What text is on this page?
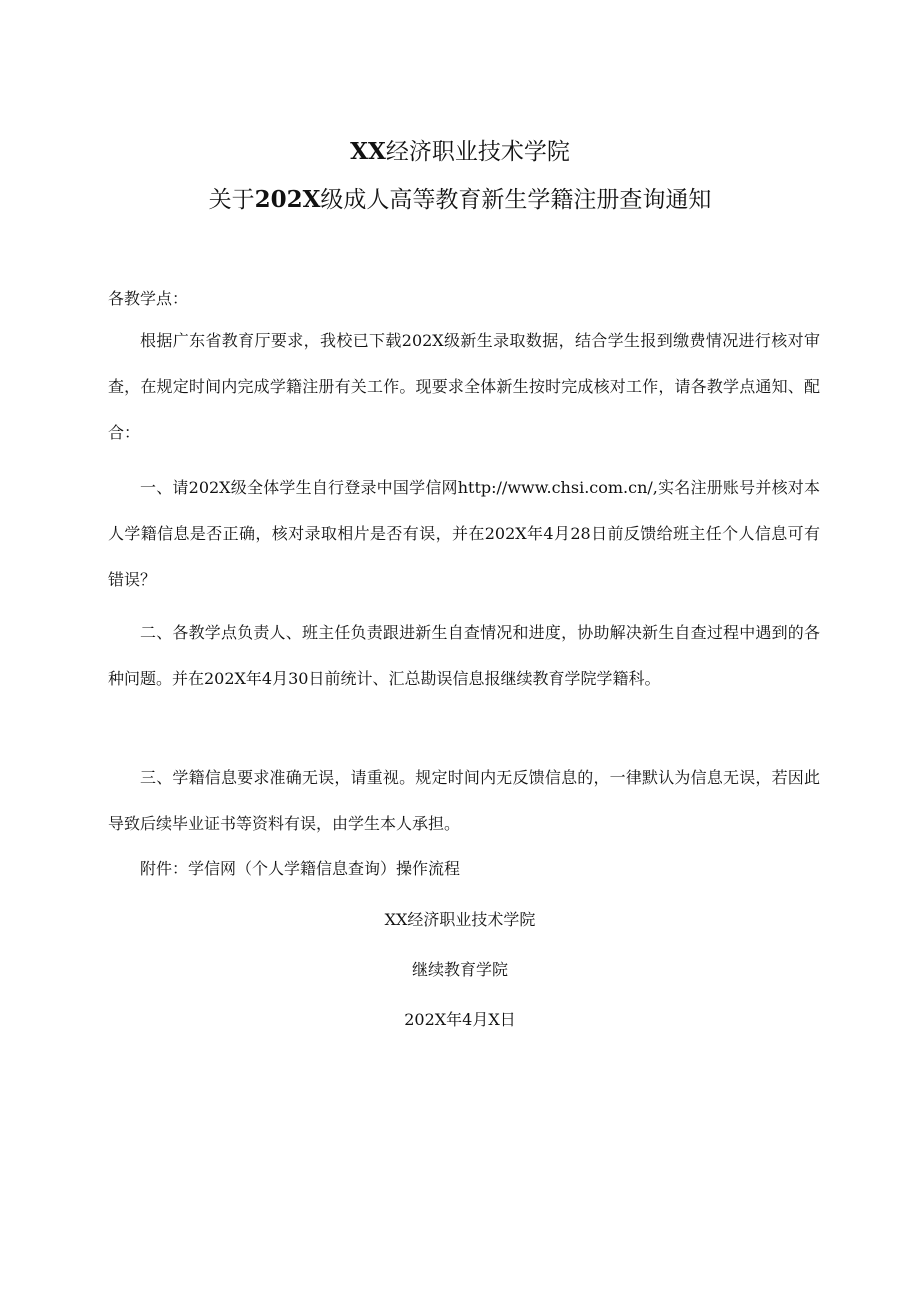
XX经济职业技术学院
关于202X级成人高等教育新生学籍注册查询通知
各教学点：

根据广东省教育厅要求，我校已下载202X级新生录取数据，结合学生报到缴费情况进行核对审查，在规定时间内完成学籍注册有关工作。现要求全体新生按时完成核对工作，请各教学点通知、配合：

一、请202X级全体学生自行登录中国学信网http://www.chsi.com.cn/,实名注册账号并核对本人学籍信息是否正确，核对录取相片是否有误，并在202X年4月28日前反馈给班主任个人信息可有错误？

二、各教学点负责人、班主任负责跟进新生自查情况和进度，协助解决新生自查过程中遇到的各种问题。并在202X年4月30日前统计、汇总勘误信息报继续教育学院学籍科。

三、学籍信息要求准确无误，请重视。规定时间内无反馈信息的，一律默认为信息无误，若因此导致后续毕业证书等资料有误，由学生本人承担。

附件：学信网（个人学籍信息查询）操作流程
XX经济职业技术学院
继续教育学院
202X年4月X日
